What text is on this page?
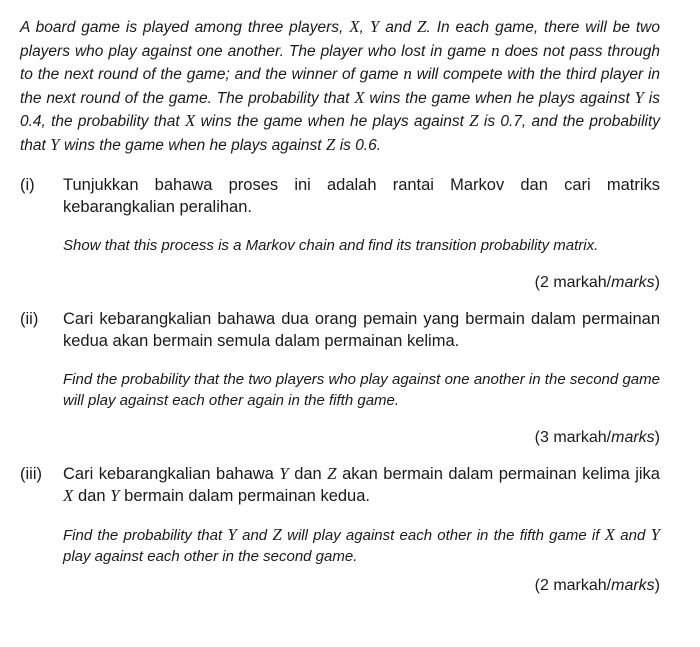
A board game is played among three players, X, Y and Z. In each game, there will be two players who play against one another. The player who lost in game n does not pass through to the next round of the game; and the winner of game n will compete with the third player in the next round of the game. The probability that X wins the game when he plays against Y is 0.4, the probability that X wins the game when he plays against Z is 0.7, and the probability that Y wins the game when he plays against Z is 0.6.

(i) Tunjukkan bahawa proses ini adalah rantai Markov dan cari matriks kebarangkalian peralihan.

Show that this process is a Markov chain and find its transition probability matrix.

(2 markah/marks)

(ii) Cari kebarangkalian bahawa dua orang pemain yang bermain dalam permainan kedua akan bermain semula dalam permainan kelima.

Find the probability that the two players who play against one another in the second game will play against each other again in the fifth game.

(3 markah/marks)

(iii) Cari kebarangkalian bahawa Y dan Z akan bermain dalam permainan kelima jika X dan Y bermain dalam permainan kedua.

Find the probability that Y and Z will play against each other in the fifth game if X and Y play against each other in the second game.

(2 markah/marks)
